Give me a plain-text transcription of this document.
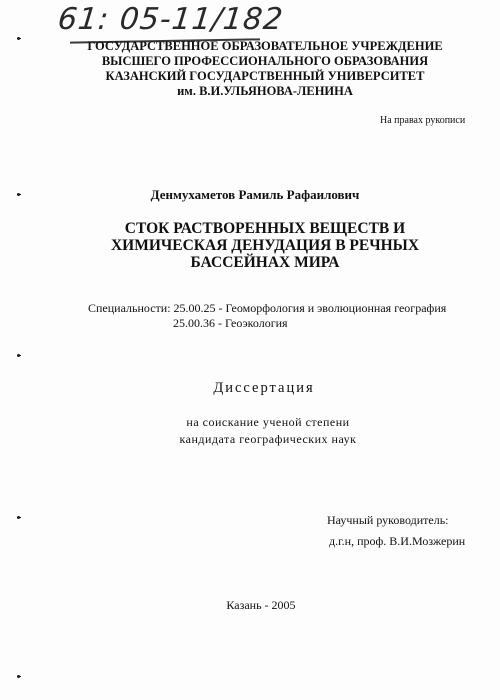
61: 05-11/182
ГОСУДАРСТВЕННОЕ ОБРАЗОВАТЕЛЬНОЕ УЧРЕЖДЕНИЕ
ВЫСШЕГО ПРОФЕССИОНАЛЬНОГО ОБРАЗОВАНИЯ
КАЗАНСКИЙ ГОСУДАРСТВЕННЫЙ УНИВЕРСИТЕТ
им. В.И.УЛЬЯНОВА-ЛЕНИНА
На правах рукописи
Денмухаметов Рамиль Рафаилович
СТОК РАСТВОРЕННЫХ ВЕЩЕСТВ И
ХИМИЧЕСКАЯ ДЕНУДАЦИЯ В РЕЧНЫХ
БАССЕЙНАХ МИРА
Специальности: 25.00.25 - Геоморфология и эволюционная география
25.00.36 - Геоэкология
Диссертация
на соискание ученой степени
кандидата географических наук
Научный руководитель:
д.г.н, проф. В.И.Мозжерин
Казань - 2005
